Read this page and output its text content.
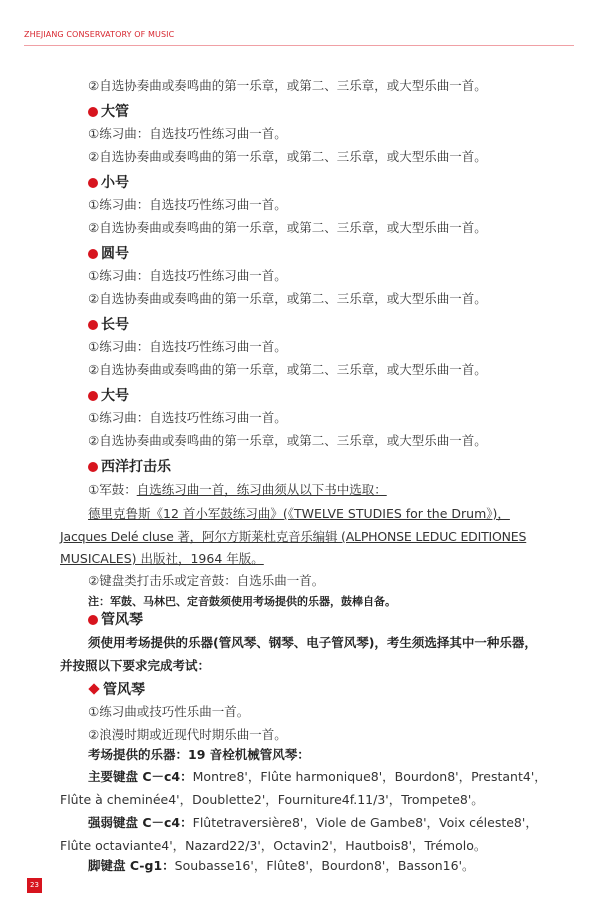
ZHEJIANG CONSERVATORY OF MUSIC
②自选协奏曲或奏鸣曲的第一乐章，或第二、三乐章，或大型乐曲一首。
大管
①练习曲：自选技巧性练习曲一首。
②自选协奏曲或奏鸣曲的第一乐章，或第二、三乐章，或大型乐曲一首。
小号
①练习曲：自选技巧性练习曲一首。
②自选协奏曲或奏鸣曲的第一乐章，或第二、三乐章，或大型乐曲一首。
圆号
①练习曲：自选技巧性练习曲一首。
②自选协奏曲或奏鸣曲的第一乐章，或第二、三乐章，或大型乐曲一首。
长号
①练习曲：自选技巧性练习曲一首。
②自选协奏曲或奏鸣曲的第一乐章，或第二、三乐章，或大型乐曲一首。
大号
①练习曲：自选技巧性练习曲一首。
②自选协奏曲或奏鸣曲的第一乐章，或第二、三乐章，或大型乐曲一首。
西洋打击乐
①军鼓：自选练习曲一首，练习曲须从以下书中选取：
德里克鲁斯《12 首小军鼓练习曲》(《TWELVE STUDIES for the Drum》)，
Jacques Delé cluse 著，阿尔方斯莱杜克音乐编辑 (ALPHONSE LEDUC EDITIONES
MUSICALES) 出版社，1964 年版。
②键盘类打击乐或定音鼓：自选乐曲一首。
注：军鼓、马林巴、定音鼓须使用考场提供的乐器，鼓棒自备。
管风琴
须使用考场提供的乐器(管风琴、钢琴、电子管风琴)，考生须选择其中一种乐器，
并按照以下要求完成考试：
管风琴
①练习曲或技巧性乐曲一首。
②浪漫时期或近现代时期乐曲一首。
考场提供的乐器：19 音栓机械管风琴：
主要键盘 C－c4：Montre8'，Flûte harmonique8'，Bourdon8'，Prestant4'，
Flûte à cheminée4'，Doublette2'，Fourniture4f.11/3'，Trompete8'。
强弱键盘 C－c4：Flûtetraversière8'，Viole de Gambe8'，Voix céleste8'，
Flûte octaviante4'，Nazard22/3'，Octavin2'，Hautbois8'，Trémolo。
脚键盘 C-g1：Soubasse16'，Flûte8'，Bourdon8'，Basson16'。
23
